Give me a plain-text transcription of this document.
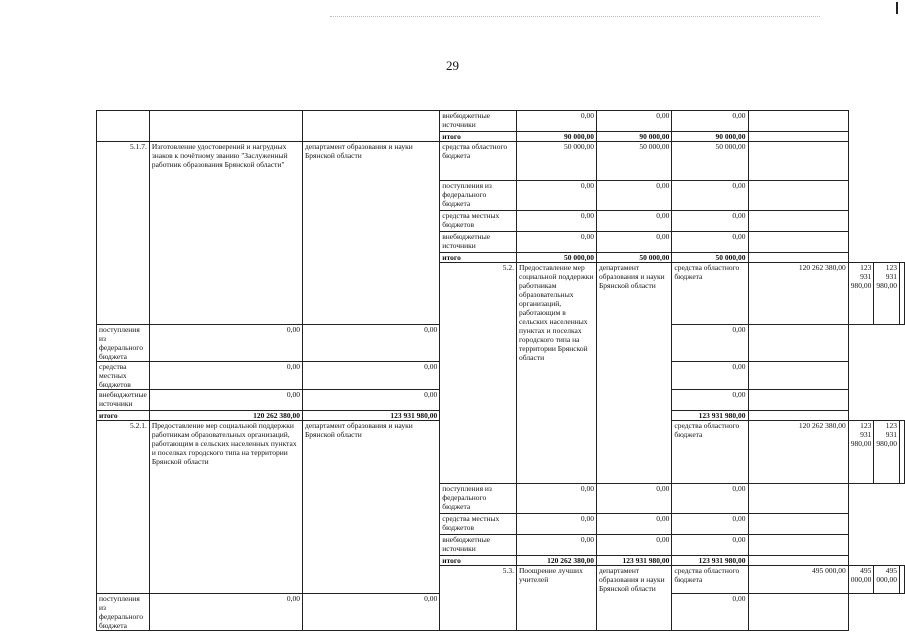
29
			внебюджетные источники	0,00	0,00	0,00				
			итого	90 000,00	90 000,00	90 000,00				
5.1.7.	Изготовление удостоверений и нагрудных знаков к почётному званию "Заслуженный работник образования Брянской области"	департамент образования и науки Брянской области	средства областного бюджета	50 000,00	50 000,00	50 000,00				
			поступления из федерального бюджета	0,00	0,00	0,00				
			средства местных бюджетов	0,00	0,00	0,00				
			внебюджетные источники	0,00	0,00	0,00				
			итого	50 000,00	50 000,00	50 000,00				
			5.2.	Предоставление мер социальной поддержки работникам образовательных организаций, работающим в сельских населенных пунктах и поселках городского типа на территории Брянской области	департамент образования и науки Брянской области	средства областного бюджета	120 262 380,00	123 931 980,00	123 931 980,00	
поступления из федерального бюджета	0,00	0,00				0,00				
средства местных бюджетов	0,00	0,00				0,00				
внебюджетные источники	0,00	0,00				0,00				
итого	120 262 380,00	123 931 980,00				123 931 980,00				
5.2.1.	Предоставление мер социальной поддержки работникам образовательных организаций, работающим в сельских населенных пунктах и поселках городского типа на территории Брянской области	департамент образования и науки Брянской области				средства областного бюджета	120 262 380,00	123 931 980,00	123 931 980,00	
			поступления из федерального бюджета	0,00	0,00	0,00				
			средства местных бюджетов	0,00	0,00	0,00				
			внебюджетные источники	0,00	0,00	0,00				
			итого	120 262 380,00	123 931 980,00	123 931 980,00				
			5.3.	Поощрение лучших учителей	департамент образования и науки Брянской области	средства областного бюджета	495 000,00	495 000,00	495 000,00	
поступления из федерального бюджета	0,00	0,00				0,00				
